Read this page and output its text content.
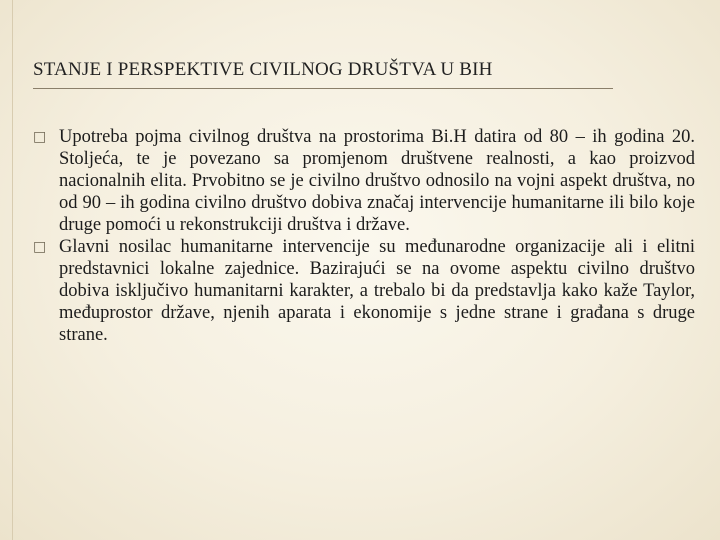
STANJE I PERSPEKTIVE CIVILNOG DRUŠTVA U BIH
□ Upotreba pojma civilnog društva na prostorima Bi.H datira od 80 – ih godina 20. Stoljeća, te je povezano sa promjenom društvene realnosti, a kao proizvod nacionalnih elita. Prvobitno se je civilno društvo odnosilo na vojni aspekt društva, no od 90 – ih godina civilno društvo dobiva značaj intervencije humanitarne ili bilo koje druge pomoći u rekonstrukciji društva i države.
□ Glavni nosilac humanitarne intervencije su međunarodne organizacije ali i elitni predstavnici lokalne zajednice. Bazirajući se na ovome aspektu civilno društvo dobiva isključivo humanitarni karakter, a trebalo bi da predstavlja kako kaže Taylor, međuprostor države, njenih aparata i ekonomije s jedne strane i građana s druge strane.
